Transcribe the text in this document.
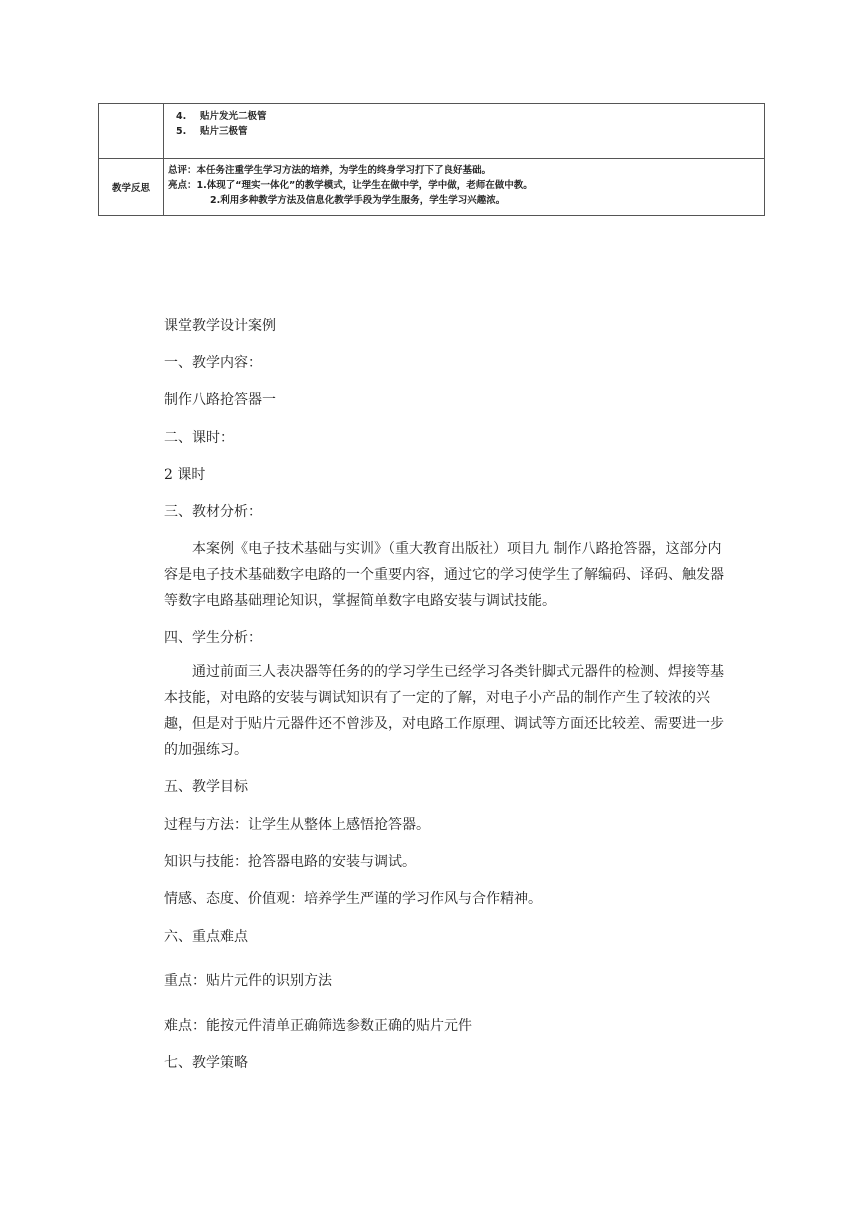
	4. 贴片发光二极管
5. 贴片三极管

教学反思	总评：本任务注重学生学习方法的培养，为学生的终身学习打下了良好基础。
亮点：1.体现了“理实一体化”的教学模式，让学生在做中学，学中做，老师在做中教。
2.利用多种教学方法及信息化教学手段为学生服务，学生学习兴趣浓。
课堂教学设计案例
一、教学内容：
制作八路抢答器一
二、课时：
2 课时
三、教材分析：
本案例《电子技术基础与实训》（重大教育出版社）项目九 制作八路抢答器，这部分内容是电子技术基础数字电路的一个重要内容，通过它的学习使学生了解编码、译码、触发器等数字电路基础理论知识，掌握简单数字电路安装与调试技能。
四、学生分析：
通过前面三人表决器等任务的的学习学生已经学习各类针脚式元器件的检测、焊接等基本技能，对电路的安装与调试知识有了一定的了解，对电子小产品的制作产生了较浓的兴趣，但是对于贴片元器件还不曾涉及，对电路工作原理、调试等方面还比较差、需要进一步的加强练习。
五、教学目标
过程与方法：让学生从整体上感悟抢答器。
知识与技能：抢答器电路的安装与调试。
情感、态度、价值观：培养学生严谨的学习作风与合作精神。
六、重点难点
重点：贴片元件的识别方法
难点：能按元件清单正确筛选参数正确的贴片元件
七、教学策略
